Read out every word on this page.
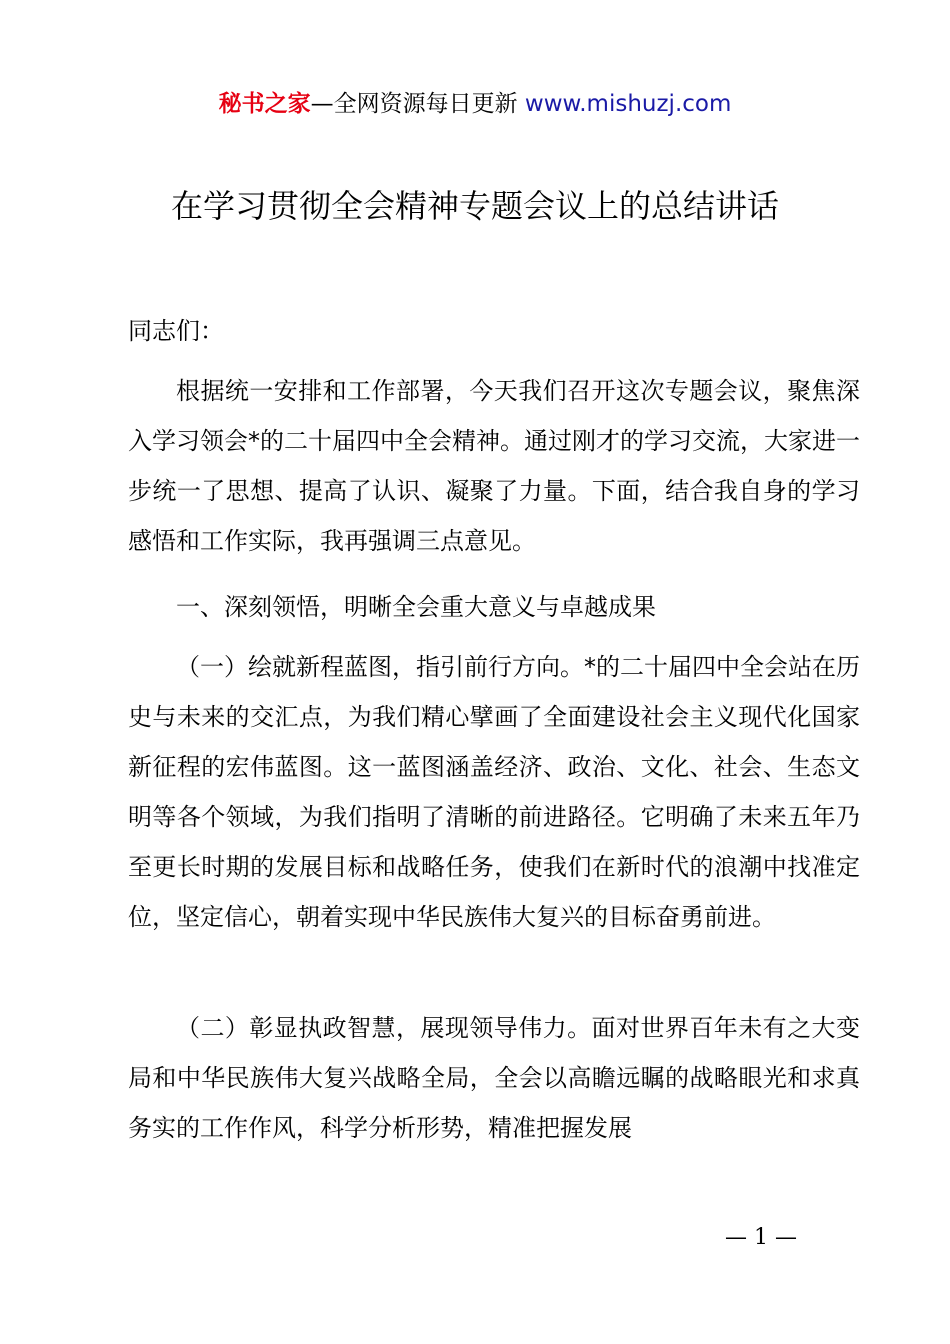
秘书之家—全网资源每日更新 www.mishuzj.com
在学习贯彻全会精神专题会议上的总结讲话
同志们：

根据统一安排和工作部署，今天我们召开这次专题会议，聚焦深入学习领会*的二十届四中全会精神。通过刚才的学习交流，大家进一步统一了思想、提高了认识、凝聚了力量。下面，结合我自身的学习感悟和工作实际，我再强调三点意见。

一、深刻领悟，明晰全会重大意义与卓越成果

（一）绘就新程蓝图，指引前行方向。*的二十届四中全会站在历史与未来的交汇点，为我们精心擘画了全面建设社会主义现代化国家新征程的宏伟蓝图。这一蓝图涵盖经济、政治、文化、社会、生态文明等各个领域，为我们指明了清晰的前进路径。它明确了未来五年乃至更长时期的发展目标和战略任务，使我们在新时代的浪潮中找准定位，坚定信心，朝着实现中华民族伟大复兴的目标奋勇前进。

（二）彰显执政智慧，展现领导伟力。面对世界百年未有之大变局和中华民族伟大复兴战略全局，全会以高瞻远瞩的战略眼光和求真务实的工作作风，科学分析形势，精准把握发展

— 1 —
